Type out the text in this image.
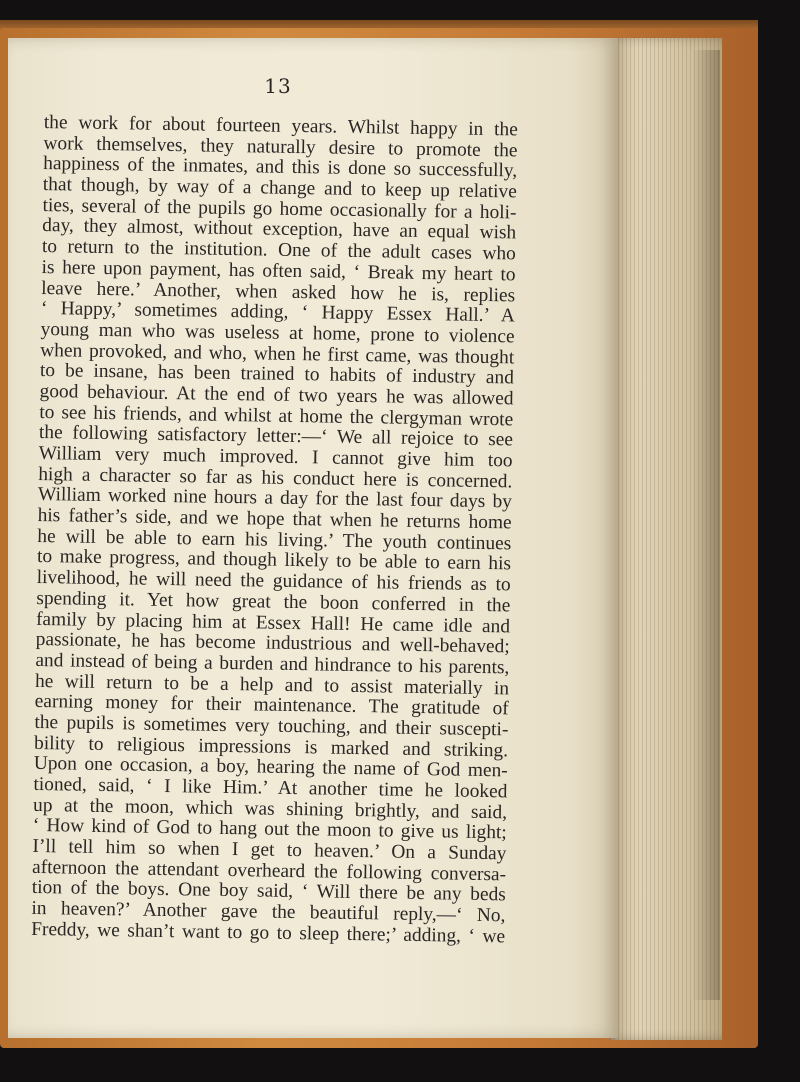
13
the work for about fourteen years. Whilst happy in the
work themselves, they naturally desire to promote the
happiness of the inmates, and this is done so successfully,
that though, by way of a change and to keep up relative
ties, several of the pupils go home occasionally for a holi-
day, they almost, without exception, have an equal wish
to return to the institution. One of the adult cases who
is here upon payment, has often said, ‘ Break my heart to
leave here.’ Another, when asked how he is, replies
‘ Happy,’ sometimes adding, ‘ Happy Essex Hall.’ A
young man who was useless at home, prone to violence
when provoked, and who, when he first came, was thought
to be insane, has been trained to habits of industry and
good behaviour. At the end of two years he was allowed
to see his friends, and whilst at home the clergyman wrote
the following satisfactory letter:—‘ We all rejoice to see
William very much improved. I cannot give him too
high a character so far as his conduct here is concerned.
William worked nine hours a day for the last four days by
his father’s side, and we hope that when he returns home
he will be able to earn his living.’ The youth continues
to make progress, and though likely to be able to earn his
livelihood, he will need the guidance of his friends as to
spending it. Yet how great the boon conferred in the
family by placing him at Essex Hall! He came idle and
passionate, he has become industrious and well-behaved;
and instead of being a burden and hindrance to his parents,
he will return to be a help and to assist materially in
earning money for their maintenance. The gratitude of
the pupils is sometimes very touching, and their suscepti-
bility to religious impressions is marked and striking.
Upon one occasion, a boy, hearing the name of God men-
tioned, said, ‘ I like Him.’ At another time he looked
up at the moon, which was shining brightly, and said,
‘ How kind of God to hang out the moon to give us light;
I’ll tell him so when I get to heaven.’ On a Sunday
afternoon the attendant overheard the following conversa-
tion of the boys. One boy said, ‘ Will there be any beds
in heaven?’ Another gave the beautiful reply,—‘ No,
Freddy, we shan’t want to go to sleep there;’ adding, ‘ we
